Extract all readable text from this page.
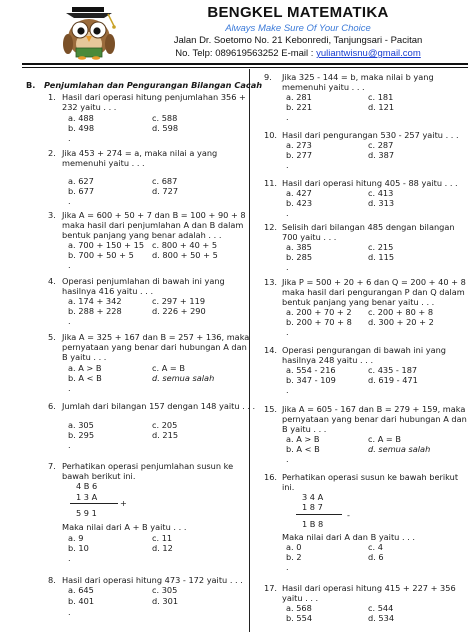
BENGKEL MATEMATIKA
Always Make Sure Of Your Choice
Jalan Dr. Soetomo No. 21 Kebonredi, Tanjungsari - Pacitan
No. Telp: 089619563252 E-mail : yuliantwisnu@gmail.com
B. Penjumlahan dan Pengurangan Bilangan Cacah
1. Hasil dari operasi hitung penjumlahan 356 +
232 yaitu . . .
a. 488	c. 588
b. 498	d. 598
.
2. Jika 453 + 274 = a, maka nilai a yang
memenuhi yaitu . . .
a. 627	c. 687
b. 677	d. 727
.
3. Jika A = 600 + 50 + 7 dan B = 100 + 90 + 8
maka hasil dari penjumlahan A dan B dalam
bentuk panjang yang benar adalah . . .
a. 700 + 150 + 15 c. 800 + 40 + 5
b. 700 + 50 + 5 d. 800 + 50 + 5
.
4. Operasi penjumlahan di bawah ini yang
hasilnya 416 yaitu . . .
a. 174 + 342	c. 297 + 119
b. 288 + 228	d. 226 + 290
.
5. Jika A = 325 + 167 dan B = 257 + 136, maka
pernyataan yang benar dari hubungan A dan
B yaitu . . .
a. A > B	c. A = B
b. A < B	d. semua salah
.
6. Jumlah dari bilangan 157 dengan 148 yaitu . . .
a. 305	c. 205
b. 295	d. 215
.
7. Perhatikan operasi penjumlahan susun ke
bawah berikut ini.
4 B 6
1 3 A
+
5 9 1
Maka nilai dari A + B yaitu . . .
a. 9	c. 11
b. 10	d. 12
.
8. Hasil dari operasi hitung 473 - 172 yaitu . . .
a. 645	c. 305
b. 401	d. 301
.
9. Jika 325 - 144 = b, maka nilai b yang
memenuhi yaitu . . .
a. 281	c. 181
b. 221	d. 121
.
10. Hasil dari pengurangan 530 - 257 yaitu . . .
a. 273	c. 287
b. 277	d. 387
.
11. Hasil dari operasi hitung 405 - 88 yaitu . . .
a. 427	c. 413
b. 423	d. 313
.
12. Selisih dari bilangan 485 dengan bilangan
700 yaitu . . .
a. 385	c. 215
b. 285	d. 115
.
13. Jika P = 500 + 20 + 6 dan Q = 200 + 40 + 8
maka hasil dari pengurangan P dan Q dalam
bentuk panjang yang benar yaitu . . .
a. 200 + 70 + 2 c. 200 + 80 + 8
b. 200 + 70 + 8 d. 300 + 20 + 2
.
14. Operasi pengurangan di bawah ini yang
hasilnya 248 yaitu . . .
a. 554 - 216	c. 435 - 187
b. 347 - 109	d. 619 - 471
.
15. Jika A = 605 - 167 dan B = 279 + 159, maka
pernyataan yang benar dari hubungan A dan
B yaitu . . .
a. A > B	c. A = B
b. A < B	d. semua salah
.
16. Perhatikan operasi susun ke bawah berikut
ini.
3 4 A
1 8 7
-
1 B 8
Maka nilai dari A dan B yaitu . . .
a. 0	c. 4
b. 2	d. 6
.
17. Hasil dari operasi hitung 415 + 227 + 356
yaitu . . .
a. 568	c. 544
b. 554	d. 534
